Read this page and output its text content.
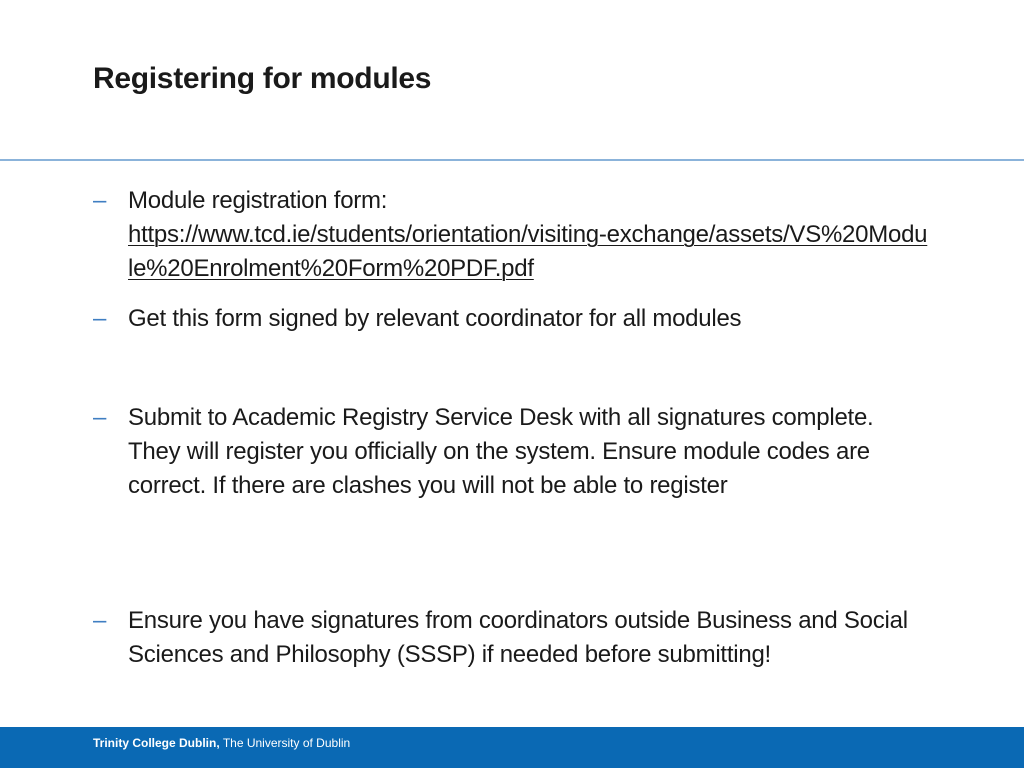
Registering for modules
– Module registration form:
https://www.tcd.ie/students/orientation/visiting-exchange/assets/VS%20Module%20Enrolment%20Form%20PDF.pdf
– Get this form signed by relevant coordinator for all modules
– Submit to Academic Registry Service Desk with all signatures complete. They will register you officially on the system. Ensure module codes are correct. If there are clashes you will not be able to register
– Ensure you have signatures from coordinators outside Business and Social Sciences and Philosophy (SSSP) if needed before submitting!
Trinity College Dublin, The University of Dublin
